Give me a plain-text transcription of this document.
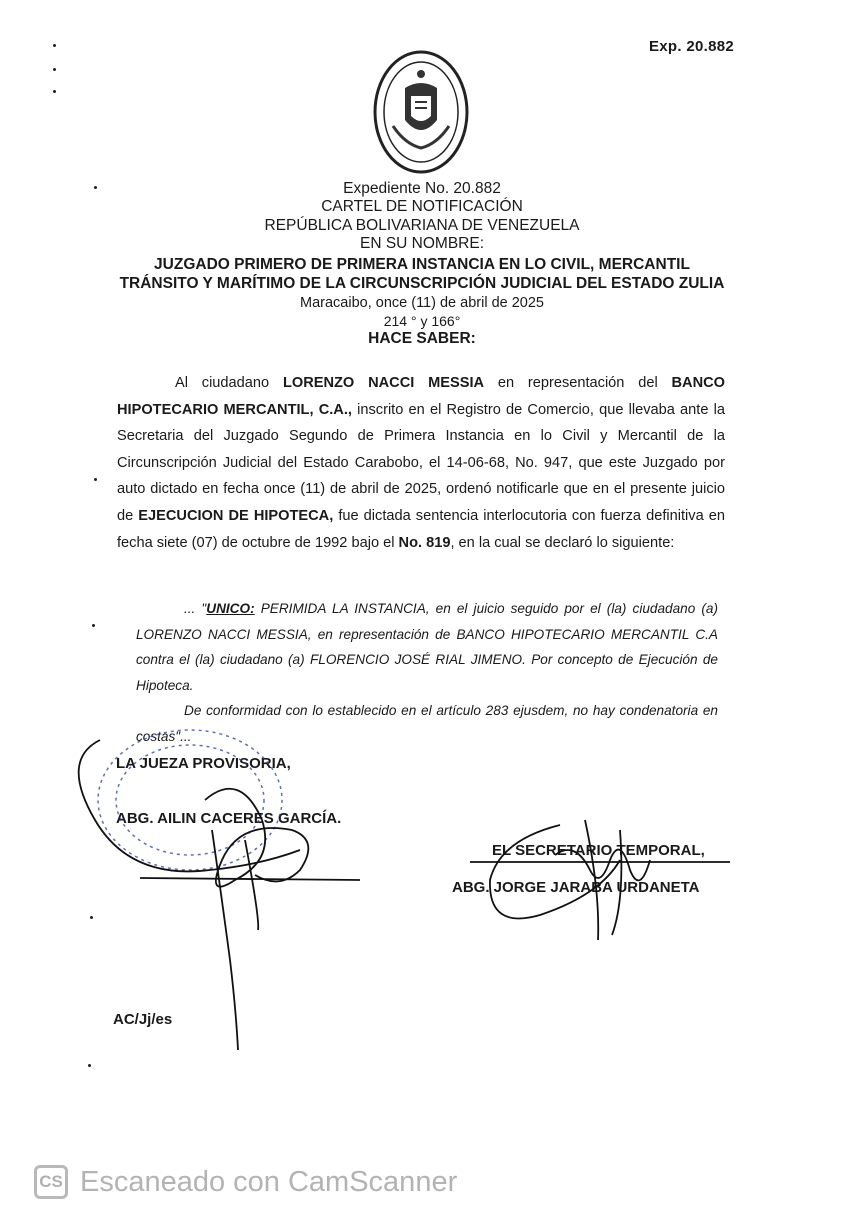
Exp. 20.882
Expediente No. 20.882
CARTEL DE NOTIFICACIÓN
REPÚBLICA BOLIVARIANA DE VENEZUELA
EN SU NOMBRE:
JUZGADO PRIMERO DE PRIMERA INSTANCIA EN LO CIVIL, MERCANTIL
TRÁNSITO Y MARÍTIMO DE LA CIRCUNSCRIPCIÓN JUDICIAL DEL ESTADO ZULIA
Maracaibo, once (11) de abril de 2025
214 ° y 166°
HACE SABER:
Al ciudadano LORENZO NACCI MESSIA en representación del BANCO HIPOTECARIO MERCANTIL, C.A., inscrito en el Registro de Comercio, que llevaba ante la Secretaria del Juzgado Segundo de Primera Instancia en lo Civil y Mercantil de la Circunscripción Judicial del Estado Carabobo, el 14-06-68, No. 947, que este Juzgado por auto dictado en fecha once (11) de abril de 2025, ordenó notificarle que en el presente juicio de EJECUCION DE HIPOTECA, fue dictada sentencia interlocutoria con fuerza definitiva en fecha siete (07) de octubre de 1992 bajo el No. 819, en la cual se declaró lo siguiente:
... "UNICO: PERIMIDA LA INSTANCIA, en el juicio seguido por el (la) ciudadano (a) LORENZO NACCI MESSIA, en representación de BANCO HIPOTECARIO MERCANTIL C.A contra el (la) ciudadano (a) FLORENCIO JOSÉ RIAL JIMENO. Por concepto de Ejecución de Hipoteca.
De conformidad con lo establecido en el artículo 283 ejusdem, no hay condenatoria en costas"...
LA JUEZA PROVISORIA,
ABG. AILIN CACERES GARCÍA.
EL SECRETARIO TEMPORAL,
ABG. JORGE JARABA URDANETA
AC/Jj/es
CS Escaneado con CamScanner
